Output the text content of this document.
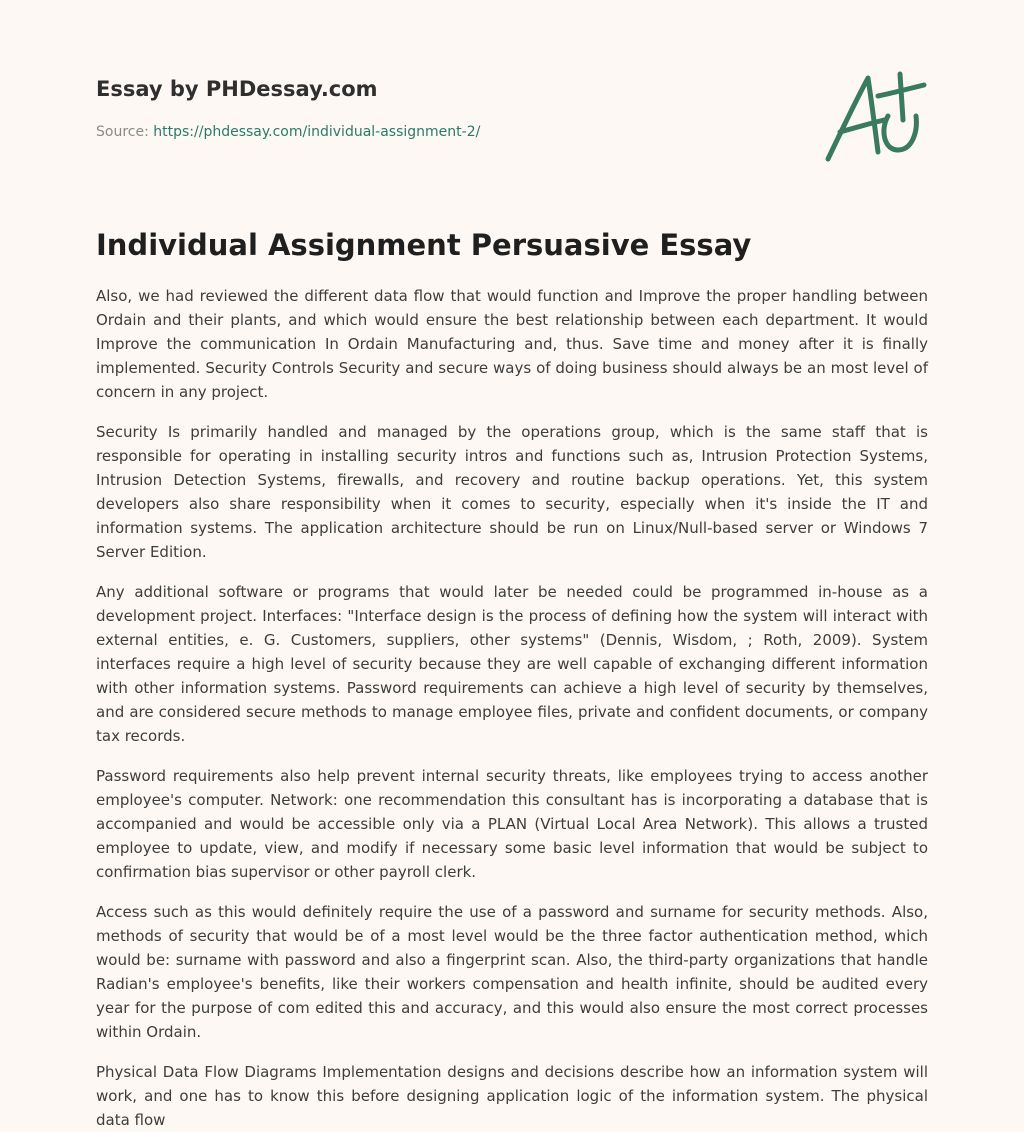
Essay by PHDessay.com
Source: https://phdessay.com/individual-assignment-2/
Individual Assignment Persuasive Essay

Also, we had reviewed the different data flow that would function and Improve the proper handling between Ordain and their plants, and which would ensure the best relationship between each department. It would Improve the communication In Ordain Manufacturing and, thus. Save time and money after it is finally implemented. Security Controls Security and secure ways of doing business should always be an most level of concern in any project.

Security Is primarily handled and managed by the operations group, which is the same staff that is responsible for operating in installing security intros and functions such as, Intrusion Protection Systems, Intrusion Detection Systems, firewalls, and recovery and routine backup operations. Yet, this system developers also share responsibility when it comes to security, especially when it's inside the IT and information systems. The application architecture should be run on Linux/Null-based server or Windows 7 Server Edition.

Any additional software or programs that would later be needed could be programmed in-house as a development project. Interfaces: "Interface design is the process of defining how the system will interact with external entities, e. G. Customers, suppliers, other systems" (Dennis, Wisdom, ; Roth, 2009). System interfaces require a high level of security because they are well capable of exchanging different information with other information systems. Password requirements can achieve a high level of security by themselves, and are considered secure methods to manage employee files, private and confident documents, or company tax records.

Password requirements also help prevent internal security threats, like employees trying to access another employee's computer. Network: one recommendation this consultant has is incorporating a database that is accompanied and would be accessible only via a PLAN (Virtual Local Area Network). This allows a trusted employee to update, view, and modify if necessary some basic level information that would be subject to confirmation bias supervisor or other payroll clerk.

Access such as this would definitely require the use of a password and surname for security methods. Also, methods of security that would be of a most level would be the three factor authentication method, which would be: surname with password and also a fingerprint scan. Also, the third-party organizations that handle Radian's employee's benefits, like their workers compensation and health infinite, should be audited every year for the purpose of com edited this and accuracy, and this would also ensure the most correct processes within Ordain.

Physical Data Flow Diagrams Implementation designs and decisions describe how an information system will work, and one has to know this before designing application logic of the information system. The physical data flow
